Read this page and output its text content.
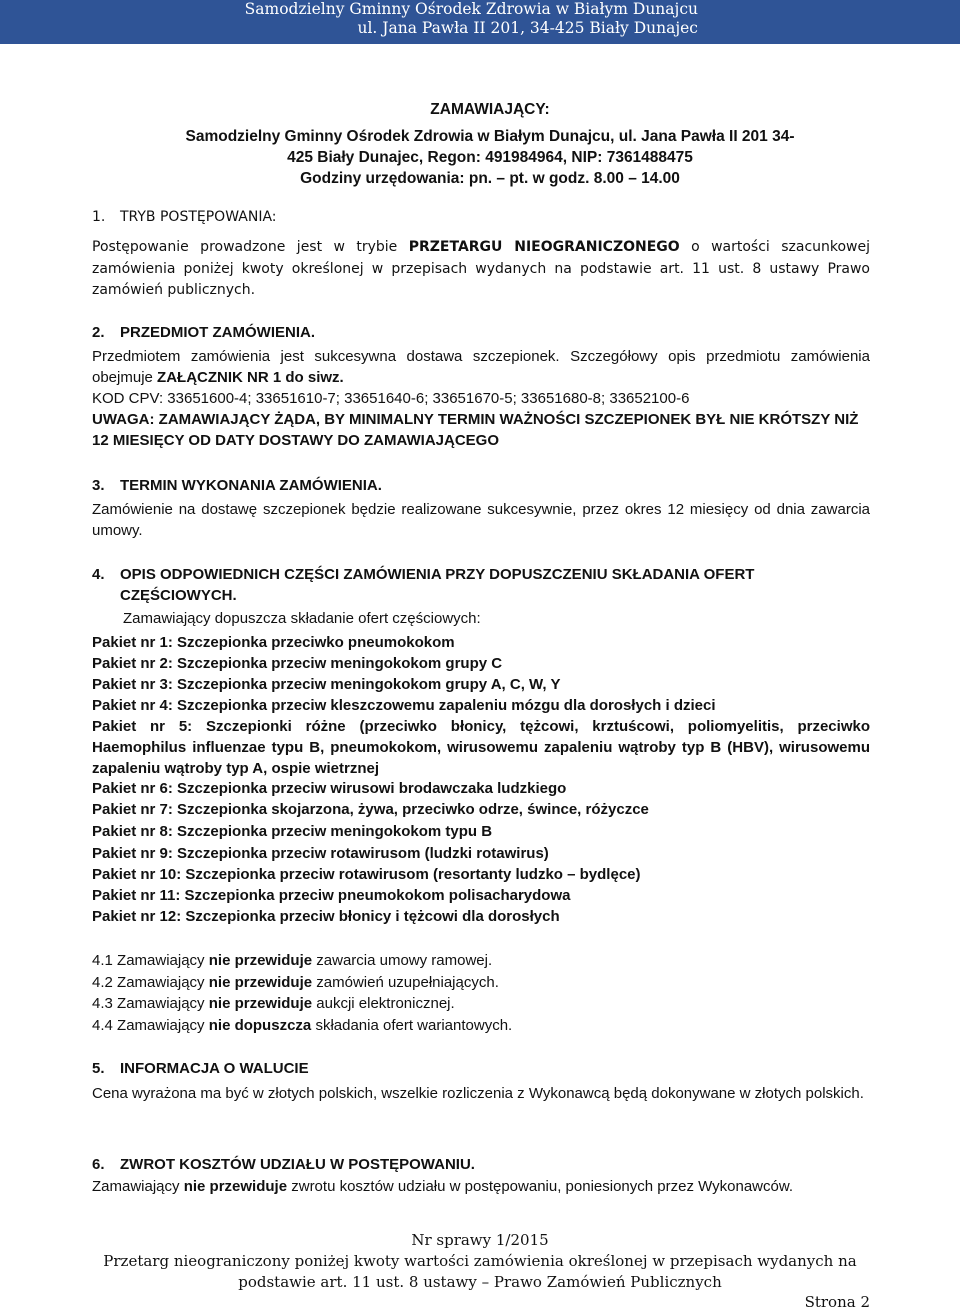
Samodzielny Gminny Ośrodek Zdrowia w Białym Dunajcu
ul. Jana Pawła II 201, 34-425 Biały Dunajec
ZAMAWIAJĄCY:
Samodzielny Gminny Ośrodek Zdrowia w Białym Dunajcu, ul. Jana Pawła II 201 34-
425 Biały Dunajec, Regon: 491984964, NIP: 7361488475
Godziny urzędowania: pn. – pt. w godz. 8.00 – 14.00
1. TRYB POSTĘPOWANIA:
Postępowanie prowadzone jest w trybie PRZETARGU NIEOGRANICZONEGO o wartości szacunkowej zamówienia poniżej kwoty określonej w przepisach wydanych na podstawie art. 11 ust. 8 ustawy Prawo zamówień publicznych.
2. PRZEDMIOT ZAMÓWIENIA.
Przedmiotem zamówienia jest sukcesywna dostawa szczepionek. Szczegółowy opis przedmiotu zamówienia obejmuje ZAŁĄCZNIK NR 1 do siwz.
KOD CPV: 33651600-4; 33651610-7; 33651640-6; 33651670-5; 33651680-8; 33652100-6
UWAGA: ZAMAWIAJĄCY ŻĄDA, BY MINIMALNY TERMIN WAŻNOŚCI SZCZEPIONEK BYŁ NIE KRÓTSZY NIŻ 12 MIESIĘCY OD DATY DOSTAWY DO ZAMAWIAJĄCEGO
3. TERMIN WYKONANIA ZAMÓWIENIA.
Zamówienie na dostawę szczepionek będzie realizowane sukcesywnie, przez okres 12 miesięcy od dnia zawarcia umowy.
4. OPIS ODPOWIEDNICH CZĘŚCI ZAMÓWIENIA PRZY DOPUSZCZENIU SKŁADANIA OFERT
CZĘŚCIOWYCH.
Zamawiający dopuszcza składanie ofert częściowych:
Pakiet nr 1: Szczepionka przeciwko pneumokokom
Pakiet nr 2: Szczepionka przeciw meningokokom grupy C
Pakiet nr 3: Szczepionka przeciw meningokokom grupy A, C, W, Y
Pakiet nr 4: Szczepionka przeciw kleszczowemu zapaleniu mózgu dla dorosłych i dzieci
Pakiet nr 5: Szczepionki różne (przeciwko błonicy, tężcowi, krztuścowi, poliomyelitis, przeciwko Haemophilus influenzae typu B, pneumokokom, wirusowemu zapaleniu wątroby typ B (HBV), wirusowemu zapaleniu wątroby typ A, ospie wietrznej
Pakiet nr 6: Szczepionka przeciw wirusowi brodawczaka ludzkiego
Pakiet nr 7: Szczepionka skojarzona, żywa, przeciwko odrze, śwince, różyczce
Pakiet nr 8: Szczepionka przeciw meningokokom typu B
Pakiet nr 9: Szczepionka przeciw rotawirusom (ludzki rotawirus)
Pakiet nr 10: Szczepionka przeciw rotawirusom (resortanty ludzko – bydlęce)
Pakiet nr 11: Szczepionka przeciw pneumokokom polisacharydowa
Pakiet nr 12: Szczepionka przeciw błonicy i tężcowi dla dorosłych
4.1 Zamawiający nie przewiduje zawarcia umowy ramowej.
4.2 Zamawiający nie przewiduje zamówień uzupełniających.
4.3 Zamawiający nie przewiduje aukcji elektronicznej.
4.4 Zamawiający nie dopuszcza składania ofert wariantowych.
5. INFORMACJA O WALUCIE
Cena wyrażona ma być w złotych polskich, wszelkie rozliczenia z Wykonawcą będą dokonywane w złotych polskich.
6. ZWROT KOSZTÓW UDZIAŁU W POSTĘPOWANIU.
Zamawiający nie przewiduje zwrotu kosztów udziału w postępowaniu, poniesionych przez Wykonawców.
Nr sprawy 1/2015
Przetarg nieograniczony poniżej kwoty wartości zamówienia określonej w przepisach wydanych na
podstawie art. 11 ust. 8 ustawy – Prawo Zamówień Publicznych
Strona 2
